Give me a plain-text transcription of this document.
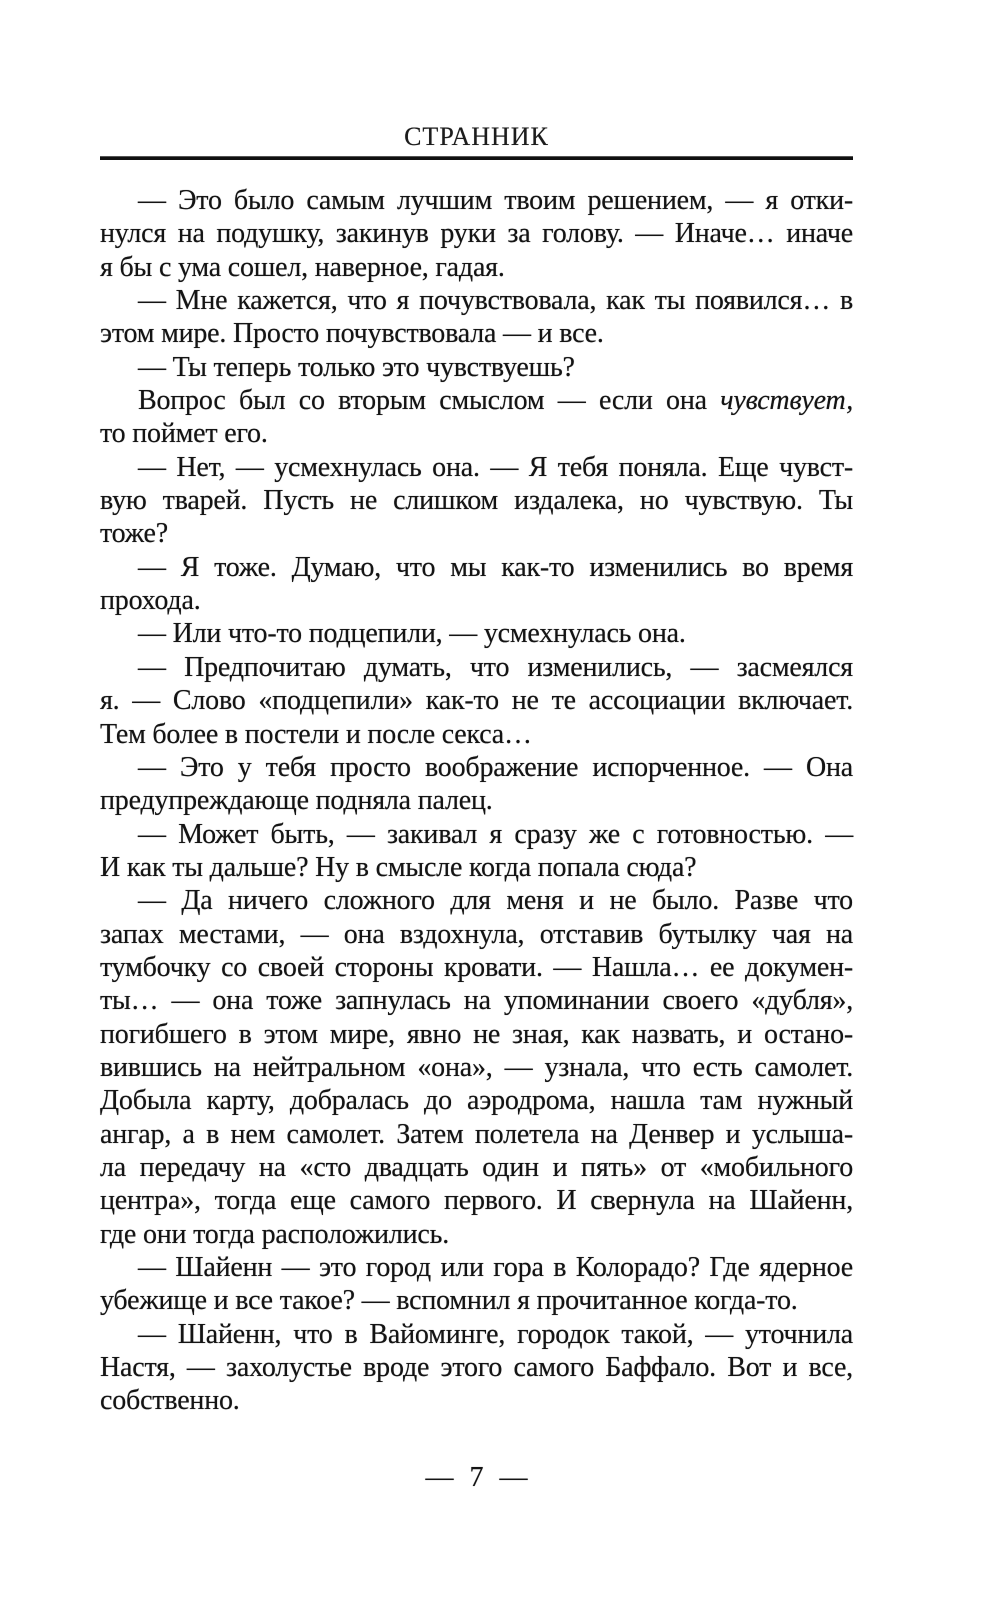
СТРАННИК
— Это было самым лучшим твоим решением, — я отки-
нулся на подушку, закинув руки за голову. — Иначе… иначе
я бы с ума сошел, наверное, гадая.
— Мне кажется, что я почувствовала, как ты появился… в
этом мире. Просто почувствовала — и все.
— Ты теперь только это чувствуешь?
Вопрос был со вторым смыслом — если она чувствует,
то поймет его.
— Нет, — усмехнулась она. — Я тебя поняла. Еще чувст-
вую тварей. Пусть не слишком издалека, но чувствую. Ты
тоже?
— Я тоже. Думаю, что мы как-то изменились во время
прохода.
— Или что-то подцепили, — усмехнулась она.
— Предпочитаю думать, что изменились, — засмеялся
я. — Слово «подцепили» как-то не те ассоциации включает.
Тем более в постели и после секса…
— Это у тебя просто воображение испорченное. — Она
предупреждающе подняла палец.
— Может быть, — закивал я сразу же с готовностью. —
И как ты дальше? Ну в смысле когда попала сюда?
— Да ничего сложного для меня и не было. Разве что
запах местами, — она вздохнула, отставив бутылку чая на
тумбочку со своей стороны кровати. — Нашла… ее докумен-
ты… — она тоже запнулась на упоминании своего «дубля»,
погибшего в этом мире, явно не зная, как назвать, и остано-
вившись на нейтральном «она», — узнала, что есть самолет.
Добыла карту, добралась до аэродрома, нашла там нужный
ангар, а в нем самолет. Затем полетела на Денвер и услыша-
ла передачу на «сто двадцать один и пять» от «мобильного
центра», тогда еще самого первого. И свернула на Шайенн,
где они тогда расположились.
— Шайенн — это город или гора в Колорадо? Где ядерное
убежище и все такое? — вспомнил я прочитанное когда-то.
— Шайенн, что в Вайоминге, городок такой, — уточнила
Настя, — захолустье вроде этого самого Баффало. Вот и все,
собственно.
— 7 —
